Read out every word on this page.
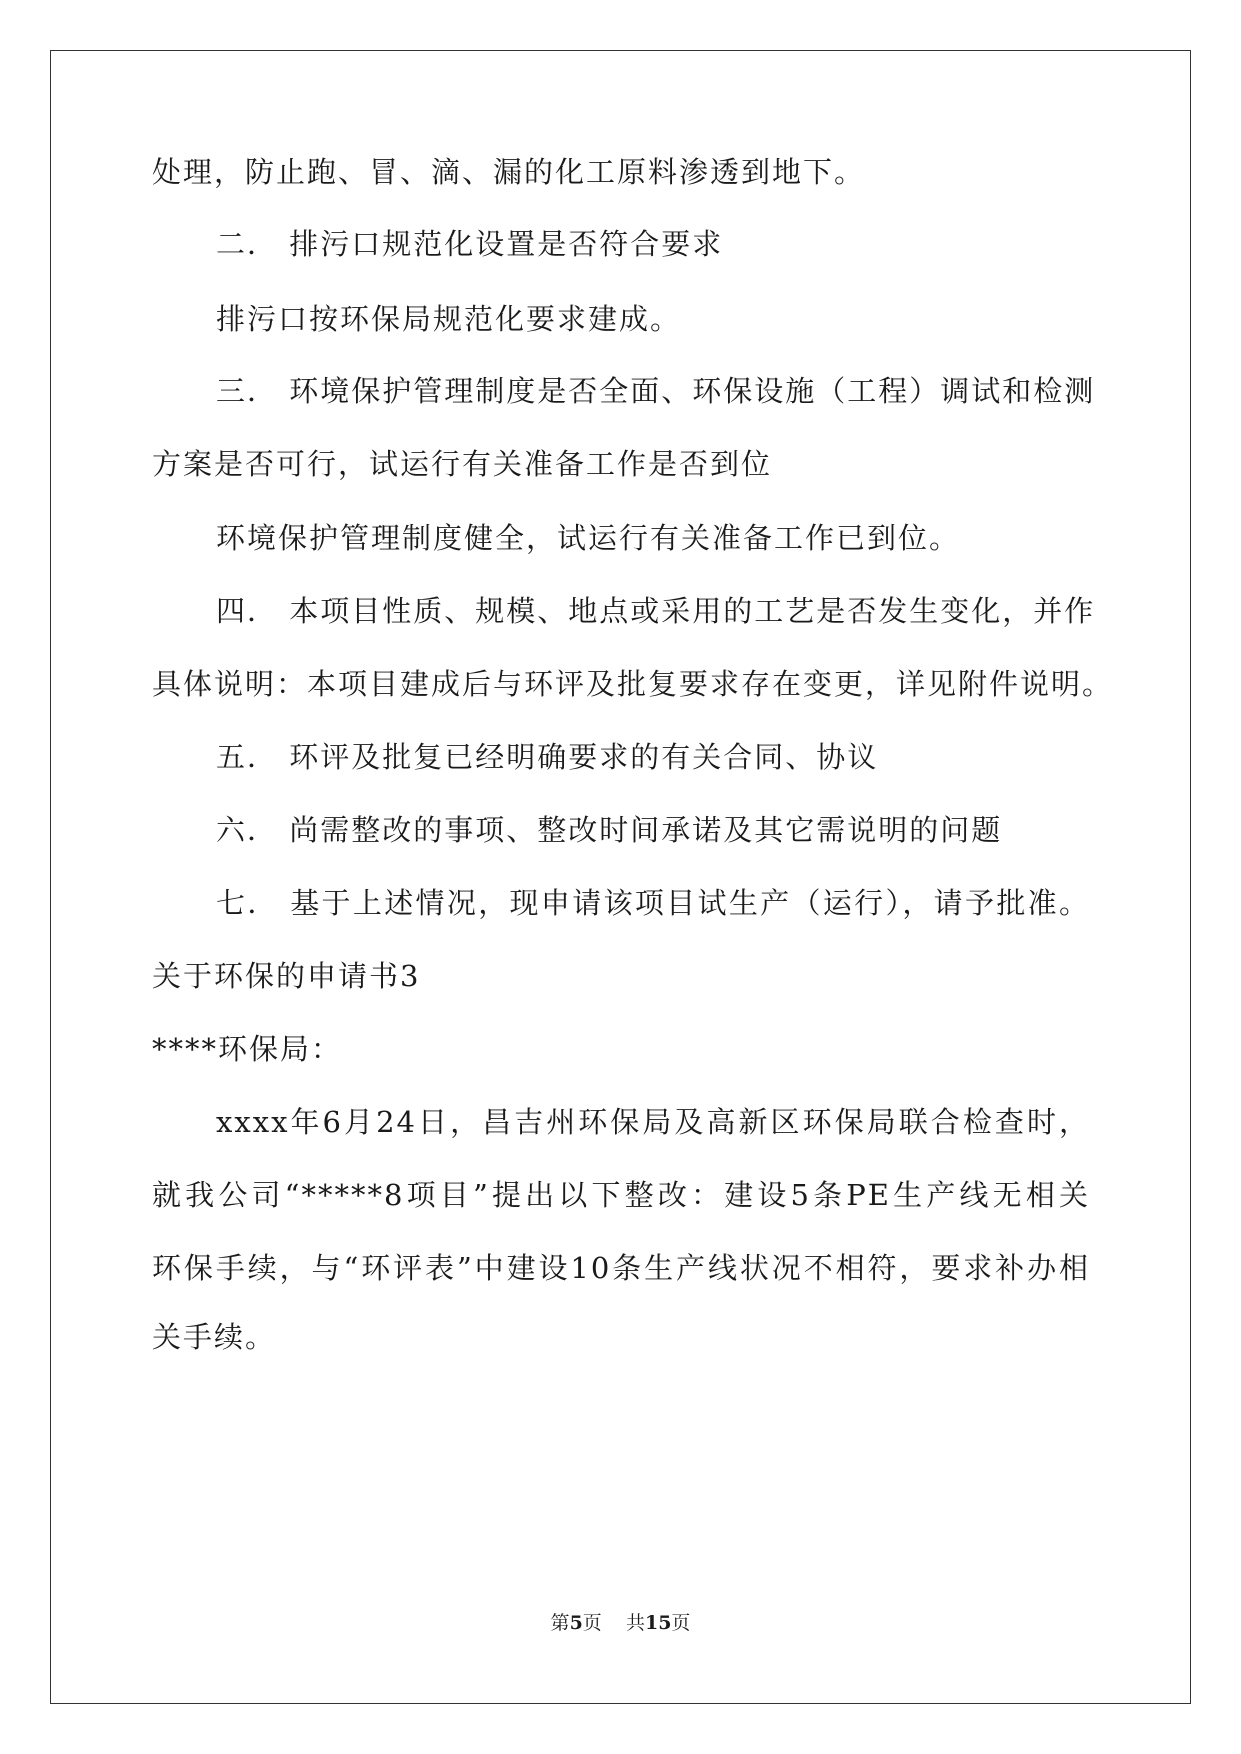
处理，防止跑、冒、滴、漏的化工原料渗透到地下。
二． 排污口规范化设置是否符合要求
排污口按环保局规范化要求建成。
三． 环境保护管理制度是否全面、环保设施（工程）调试和检测
方案是否可行，试运行有关准备工作是否到位
环境保护管理制度健全，试运行有关准备工作已到位。
四． 本项目性质、规模、地点或采用的工艺是否发生变化，并作
具体说明：本项目建成后与环评及批复要求存在变更，详见附件说明。
五． 环评及批复已经明确要求的有关合同、协议
六． 尚需整改的事项、整改时间承诺及其它需说明的问题
七． 基于上述情况，现申请该项目试生产（运行），请予批准。
关于环保的申请书3
****环保局：
xxxx年6月24日，昌吉州环保局及高新区环保局联合检查时，
就我公司“*****8项目”提出以下整改：建设5条PE生产线无相关
环保手续，与“环评表”中建设10条生产线状况不相符，要求补办相
关手续。
第5页    共15页
